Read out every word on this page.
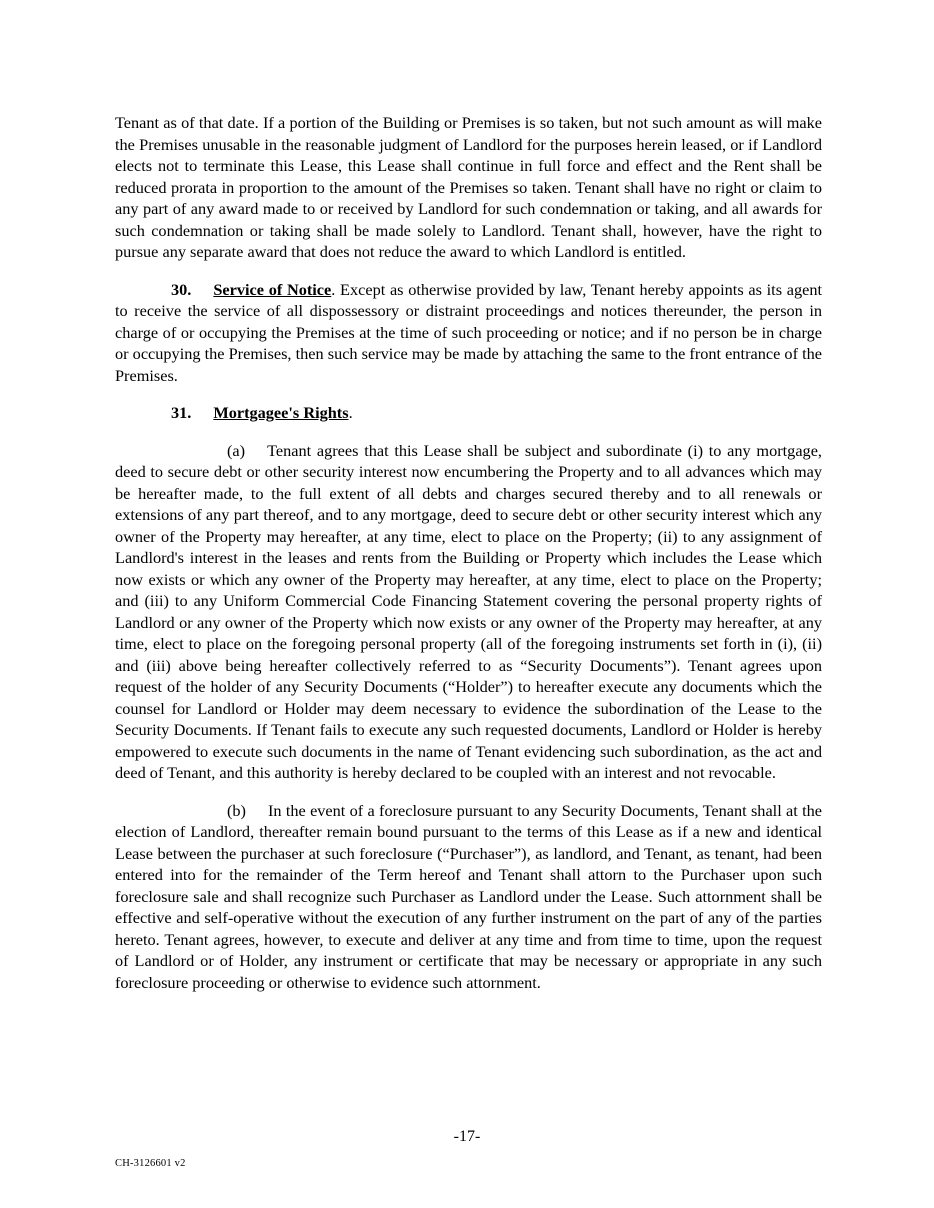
Tenant as of that date. If a portion of the Building or Premises is so taken, but not such amount as will make the Premises unusable in the reasonable judgment of Landlord for the purposes herein leased, or if Landlord elects not to terminate this Lease, this Lease shall continue in full force and effect and the Rent shall be reduced prorata in proportion to the amount of the Premises so taken. Tenant shall have no right or claim to any part of any award made to or received by Landlord for such condemnation or taking, and all awards for such condemnation or taking shall be made solely to Landlord. Tenant shall, however, have the right to pursue any separate award that does not reduce the award to which Landlord is entitled.

30. Service of Notice. Except as otherwise provided by law, Tenant hereby appoints as its agent to receive the service of all dispossessory or distraint proceedings and notices thereunder, the person in charge of or occupying the Premises at the time of such proceeding or notice; and if no person be in charge or occupying the Premises, then such service may be made by attaching the same to the front entrance of the Premises.

31. Mortgagee's Rights.

(a) Tenant agrees that this Lease shall be subject and subordinate (i) to any mortgage, deed to secure debt or other security interest now encumbering the Property and to all advances which may be hereafter made, to the full extent of all debts and charges secured thereby and to all renewals or extensions of any part thereof, and to any mortgage, deed to secure debt or other security interest which any owner of the Property may hereafter, at any time, elect to place on the Property; (ii) to any assignment of Landlord's interest in the leases and rents from the Building or Property which includes the Lease which now exists or which any owner of the Property may hereafter, at any time, elect to place on the Property; and (iii) to any Uniform Commercial Code Financing Statement covering the personal property rights of Landlord or any owner of the Property which now exists or any owner of the Property may hereafter, at any time, elect to place on the foregoing personal property (all of the foregoing instruments set forth in (i), (ii) and (iii) above being hereafter collectively referred to as “Security Documents”). Tenant agrees upon request of the holder of any Security Documents (“Holder”) to hereafter execute any documents which the counsel for Landlord or Holder may deem necessary to evidence the subordination of the Lease to the Security Documents. If Tenant fails to execute any such requested documents, Landlord or Holder is hereby empowered to execute such documents in the name of Tenant evidencing such subordination, as the act and deed of Tenant, and this authority is hereby declared to be coupled with an interest and not revocable.

(b) In the event of a foreclosure pursuant to any Security Documents, Tenant shall at the election of Landlord, thereafter remain bound pursuant to the terms of this Lease as if a new and identical Lease between the purchaser at such foreclosure (“Purchaser”), as landlord, and Tenant, as tenant, had been entered into for the remainder of the Term hereof and Tenant shall attorn to the Purchaser upon such foreclosure sale and shall recognize such Purchaser as Landlord under the Lease. Such attornment shall be effective and self-operative without the execution of any further instrument on the part of any of the parties hereto. Tenant agrees, however, to execute and deliver at any time and from time to time, upon the request of Landlord or of Holder, any instrument or certificate that may be necessary or appropriate in any such foreclosure proceeding or otherwise to evidence such attornment.

-17-
CH-3126601 v2
